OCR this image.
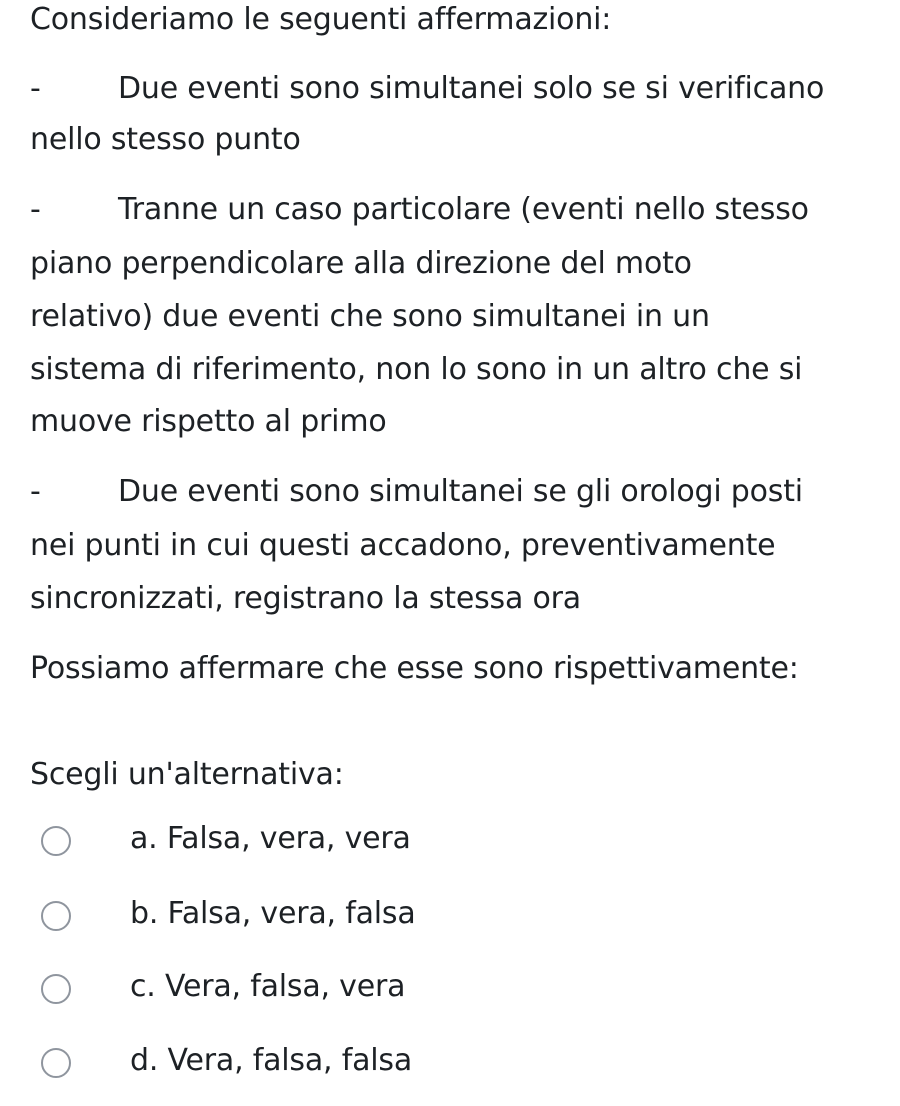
Consideriamo le seguenti affermazioni:
-	Due eventi sono simultanei solo se si verificano
nello stesso punto
-	Tranne un caso particolare (eventi nello stesso
piano perpendicolare alla direzione del moto
relativo) due eventi che sono simultanei in un
sistema di riferimento, non lo sono in un altro che si
muove rispetto al primo
-	Due eventi sono simultanei se gli orologi posti
nei punti in cui questi accadono, preventivamente
sincronizzati, registrano la stessa ora
Possiamo affermare che esse sono rispettivamente:
Scegli un'alternativa:
a. Falsa, vera, vera
b. Falsa, vera, falsa
c. Vera, falsa, vera
d. Vera, falsa, falsa
